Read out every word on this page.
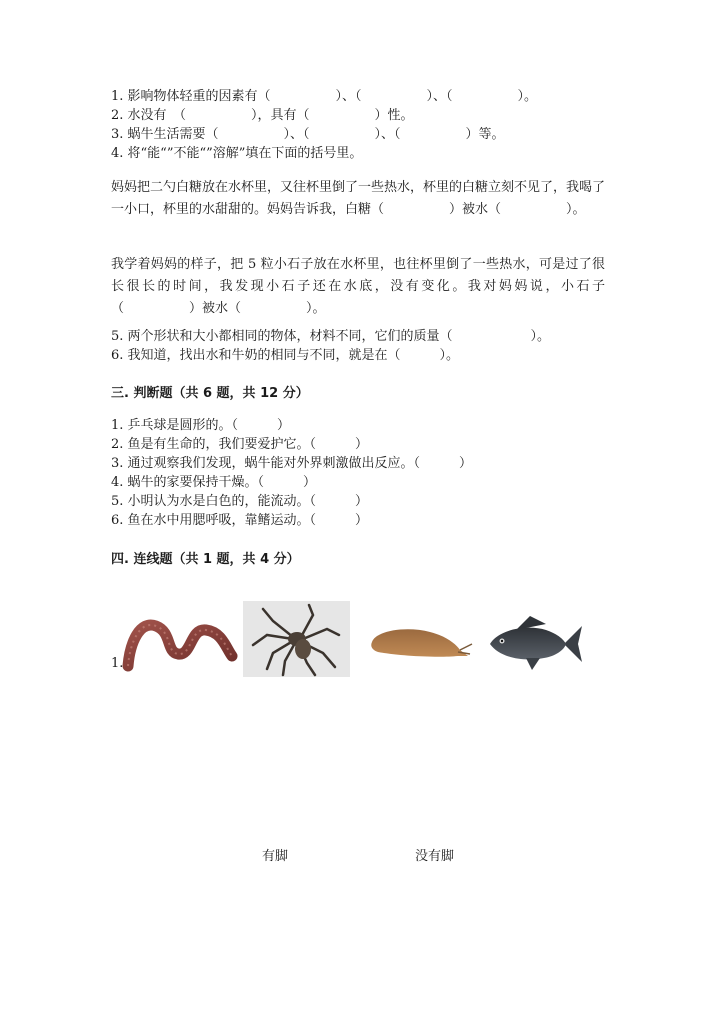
1. 影响物体轻重的因素有（　　　　　）、（　　　　　）、（　　　　　）。
2. 水没有　（　　　　　），具有（　　　　　）性。
3. 蜗牛生活需要（　　　　　）、（　　　　　）、（　　　　　）等。
4. 将“能“”不能“”溶解”填在下面的括号里。
妈妈把二勺白糖放在水杯里，又往杯里倒了一些热水，杯里的白糖立刻不见了，我喝了一小口，杯里的水甜甜的。妈妈告诉我，白糖（　　　　　）被水（　　　　　）。
我学着妈妈的样子，把 5 粒小石子放在水杯里，也往杯里倒了一些热水，可是过了很长很长的时间，我发现小石子还在水底，没有变化。我对妈妈说，小石子（　　　　　）被水（　　　　　）。
5. 两个形状和大小都相同的物体，材料不同，它们的质量（　　　　　　）。
6. 我知道，找出水和牛奶的相同与不同，就是在（　　　）。
三. 判断题（共 6 题，共 12 分）
1. 乒乓球是圆形的。（　　　）
2. 鱼是有生命的，我们要爱护它。（　　　）
3. 通过观察我们发现，蜗牛能对外界刺激做出反应。（　　　）
4. 蜗牛的家要保持干燥。（　　　）
5. 小明认为水是白色的，能流动。（　　　）
6. 鱼在水中用腮呼吸，靠鳍运动。（　　　）
四. 连线题（共 1 题，共 4 分）
1.
有脚	没有脚
